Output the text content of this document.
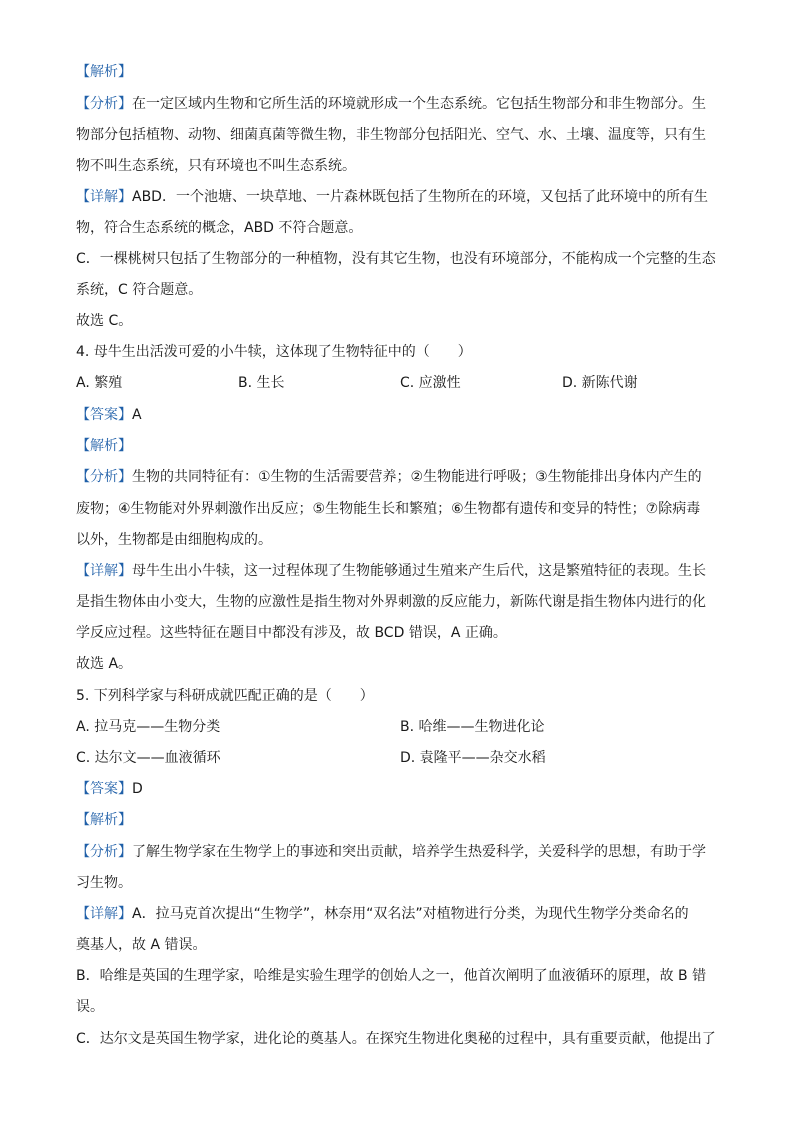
【解析】
【分析】在一定区域内生物和它所生活的环境就形成一个生态系统。它包括生物部分和非生物部分。生
物部分包括植物、动物、细菌真菌等微生物，非生物部分包括阳光、空气、水、土壤、温度等，只有生
物不叫生态系统，只有环境也不叫生态系统。
【详解】ABD．一个池塘、一块草地、一片森林既包括了生物所在的环境，又包括了此环境中的所有生
物，符合生态系统的概念，ABD 不符合题意。
C．一棵桃树只包括了生物部分的一种植物，没有其它生物，也没有环境部分，不能构成一个完整的生态
系统，C 符合题意。
故选 C。
4. 母牛生出活泼可爱的小牛犊，这体现了生物特征中的（　　）
A. 繁殖	B. 生长	C. 应激性	D. 新陈代谢
【答案】A
【解析】
【分析】生物的共同特征有：①生物的生活需要营养；②生物能进行呼吸；③生物能排出身体内产生的
废物；④生物能对外界刺激作出反应；⑤生物能生长和繁殖；⑥生物都有遗传和变异的特性；⑦除病毒
以外，生物都是由细胞构成的。
【详解】母牛生出小牛犊，这一过程体现了生物能够通过生殖来产生后代，这是繁殖特征的表现。生长
是指生物体由小变大，生物的应激性是指生物对外界刺激的反应能力，新陈代谢是指生物体内进行的化
学反应过程。这些特征在题目中都没有涉及，故 BCD 错误，A 正确。
故选 A。
5. 下列科学家与科研成就匹配正确的是（　　）
A. 拉马克——生物分类	B. 哈维——生物进化论
C. 达尔文——血液循环	D. 袁隆平——杂交水稻
【答案】D
【解析】
【分析】了解生物学家在生物学上的事迹和突出贡献，培养学生热爱科学，关爱科学的思想，有助于学
习生物。
【详解】A．拉马克首次提出“生物学”，林奈用“双名法”对植物进行分类，为现代生物学分类命名的
奠基人，故 A 错误。
B．哈维是英国的生理学家，哈维是实验生理学的创始人之一，他首次阐明了血液循环的原理，故 B 错
误。
C．达尔文是英国生物学家，进化论的奠基人。在探究生物进化奥秘的过程中，具有重要贡献，他提出了
